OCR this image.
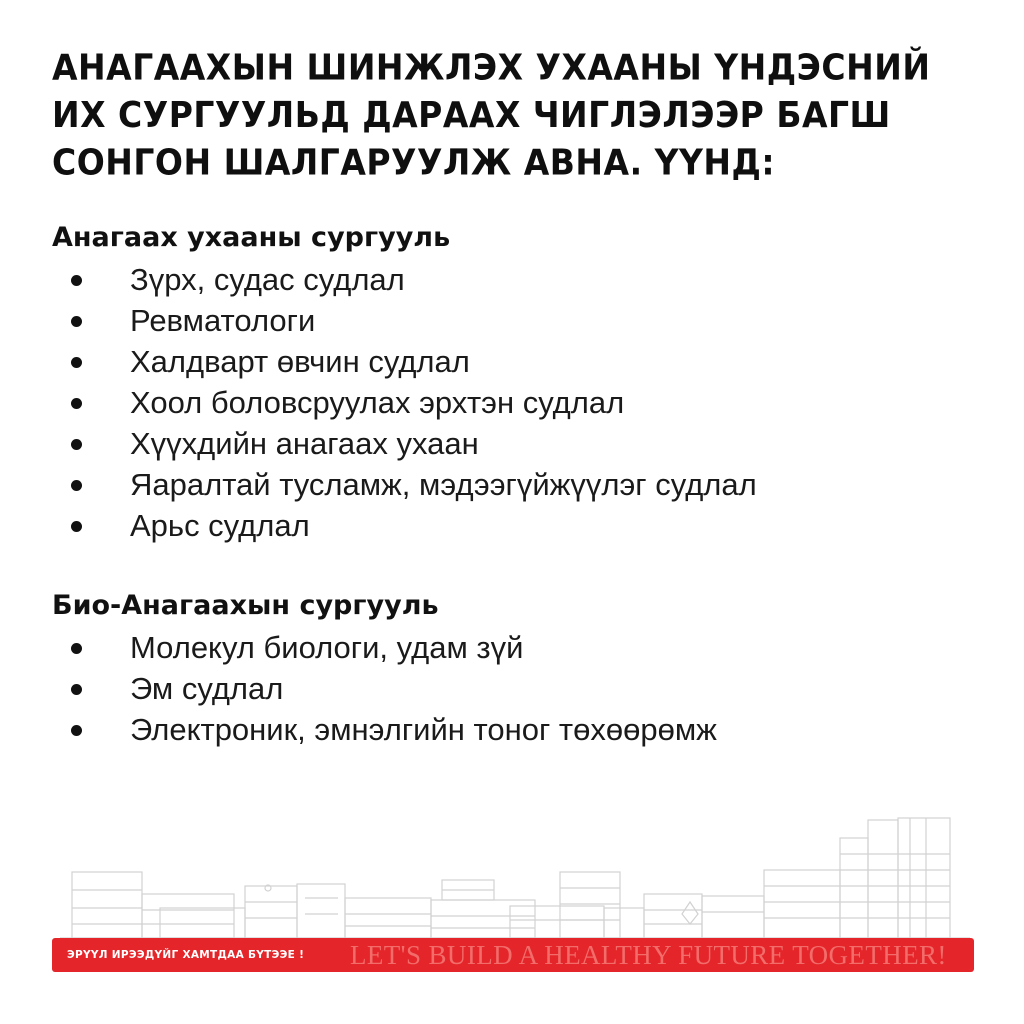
АНАГААХЫН ШИНЖЛЭХ УХААНЫ ҮНДЭСНИЙ
ИХ СУРГУУЛЬД ДАРААХ ЧИГЛЭЛЭЭР БАГШ
СОНГОН ШАЛГАРУУЛЖ АВНА. ҮҮНД:
Анагаах ухааны сургууль
Зүрх, судас судлал
Ревматологи
Халдварт өвчин судлал
Хоол боловсруулах эрхтэн судлал
Хүүхдийн анагаах ухаан
Яаралтай тусламж, мэдээгүйжүүлэг судлал
Арьс судлал
Био-Анагаахын сургууль
Молекул биологи, удам зүй
Эм судлал
Электроник, эмнэлгийн тоног төхөөрөмж
ЭРҮҮЛ ИРЭЭДҮЙГ ХАМТДАА БҮТЭЭЕ ! LET'S BUILD A HEALTHY FUTURE TOGETHER!
